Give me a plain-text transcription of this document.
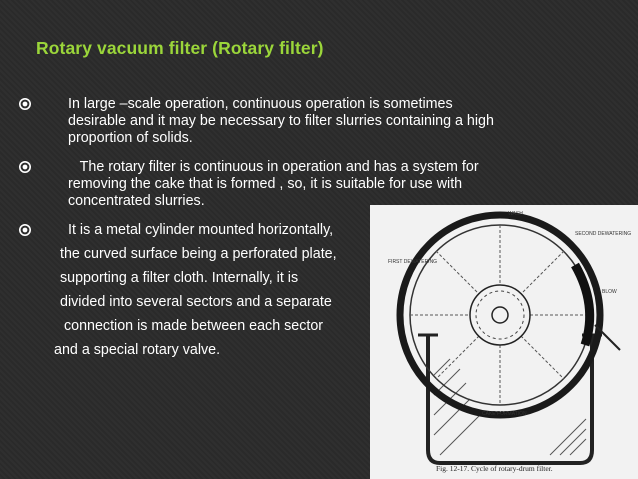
Rotary vacuum filter (Rotary filter)
In large –scale operation, continuous operation is sometimes
desirable and it may be necessary to filter slurries containing a high
proportion of solids.
The rotary filter is continuous in operation and has a system for
removing the cake that is formed , so, it is suitable for use with
concentrated slurries.
It is a metal cylinder mounted horizontally,
the curved surface being a perforated plate,
supporting a filter cloth. Internally, it is
divided into several sectors and a separate
connection is made between each sector
and a special rotary valve.
WASH
SECOND DEWATERING
FIRST DEWATERING
BLOW
CAKE FORMATION
Fig. 12-17. Cycle of rotary-drum filter.
